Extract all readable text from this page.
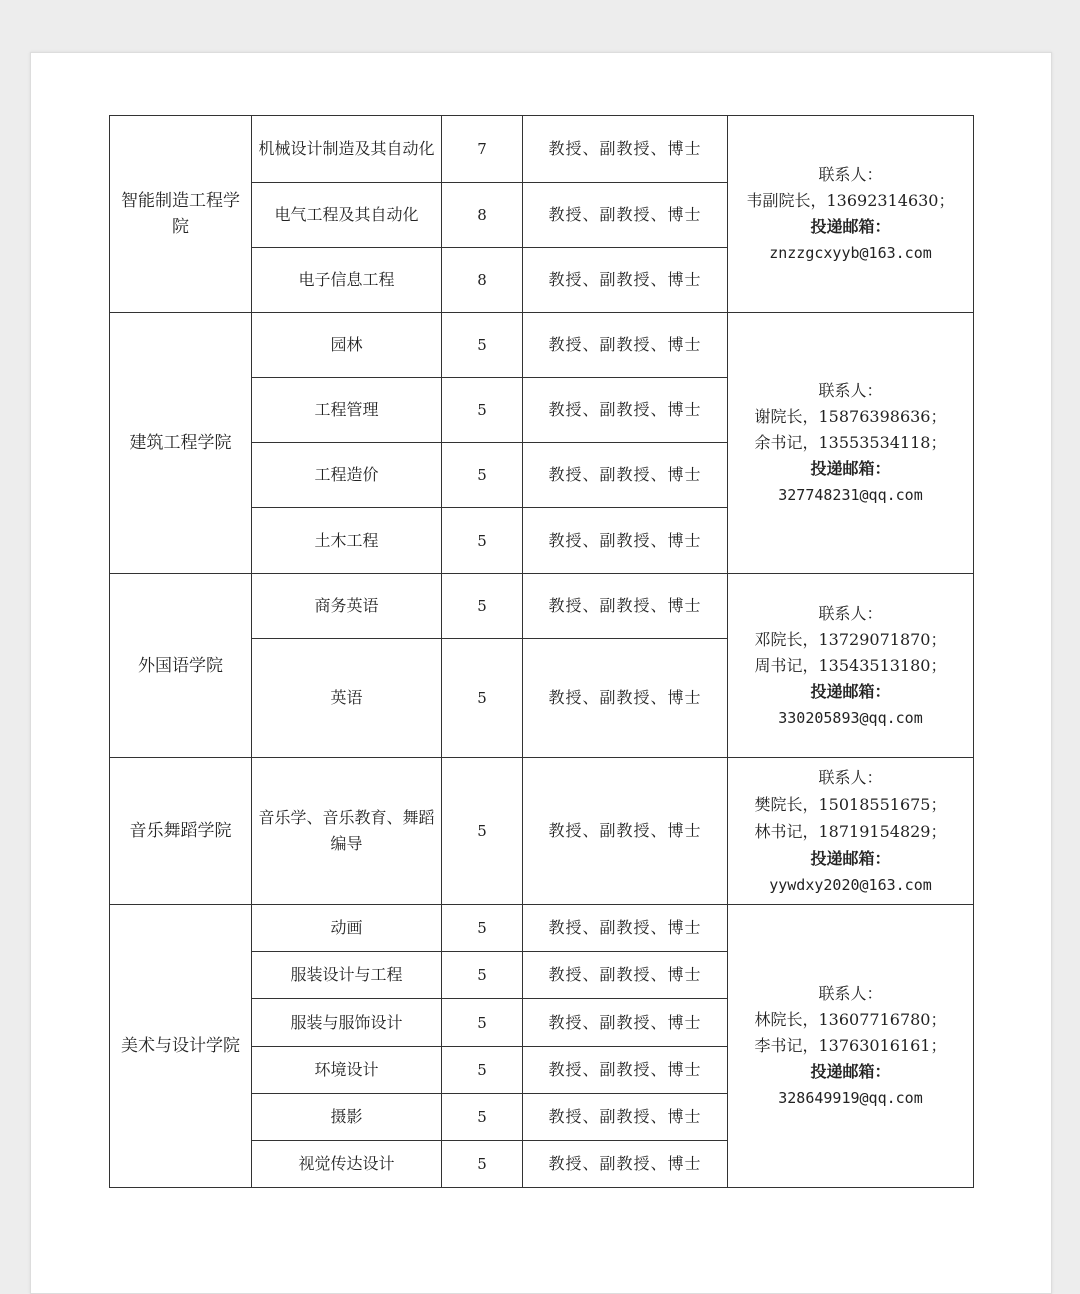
智能制造工程学院	机械设计制造及其自动化	7	教授、副教授、博士	联系人：
韦副院长，13692314630；
投递邮箱：
znzzgcxyyb@163.com

	电气工程及其自动化	8	教授、副教授、博士	
	电子信息工程	8	教授、副教授、博士	
建筑工程学院	园林	5	教授、副教授、博士	联系人：
谢院长，15876398636；
余书记，13553534118；
投递邮箱：
327748231@qq.com

	工程管理	5	教授、副教授、博士	
	工程造价	5	教授、副教授、博士	
	土木工程	5	教授、副教授、博士	
外国语学院	商务英语	5	教授、副教授、博士	联系人：
邓院长，13729071870；
周书记，13543513180；
投递邮箱：
330205893@qq.com

	英语	5	教授、副教授、博士	
音乐舞蹈学院	音乐学、音乐教育、舞蹈编导	5	教授、副教授、博士	联系人：
樊院长，15018551675；
林书记，18719154829；
投递邮箱：
yywdxy2020@163.com

美术与设计学院	动画	5	教授、副教授、博士	联系人：
林院长，13607716780；
李书记，13763016161；
投递邮箱：
328649919@qq.com

	服装设计与工程	5	教授、副教授、博士	
	服装与服饰设计	5	教授、副教授、博士	
	环境设计	5	教授、副教授、博士	
	摄影	5	教授、副教授、博士	
	视觉传达设计	5	教授、副教授、博士	
